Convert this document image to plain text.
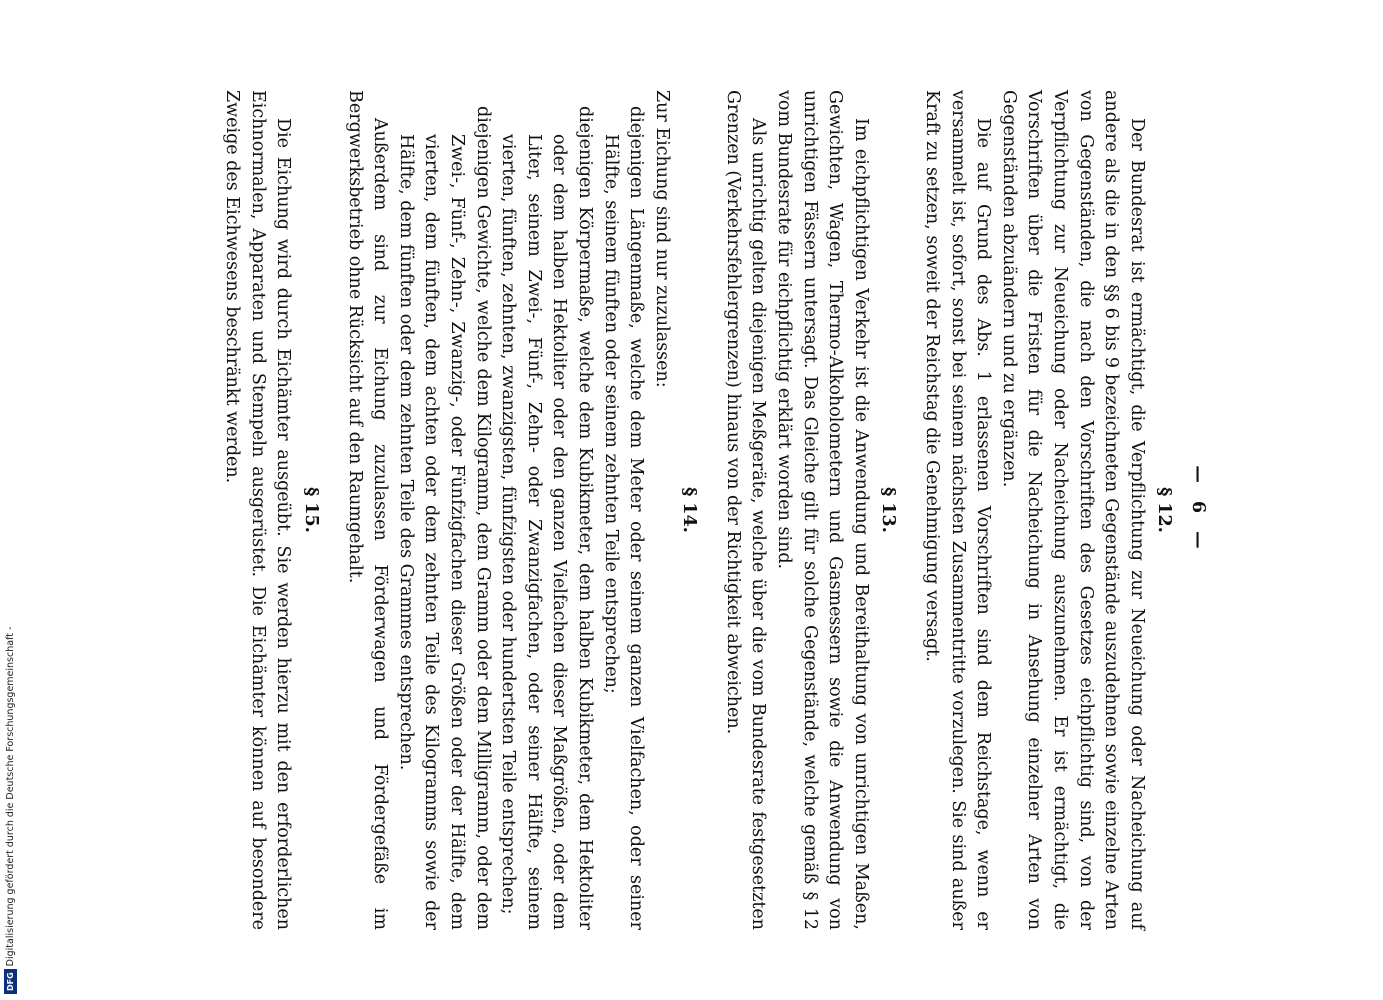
— 6 —
§ 12.

Der Bundesrat ist ermächtigt, die Verpflichtung zur Neueichung oder Nacheichung auf andere als die in den §§ 6 bis 9 bezeichneten Gegenstände auszudehnen sowie einzelne Arten von Gegenständen, die nach den Vorschriften des Gesetzes eichpflichtig sind, von der Verpflichtung zur Neueichung oder Nacheichung auszunehmen. Er ist ermächtigt, die Vorschriften über die Fristen für die Nacheichung in Ansehung einzelner Arten von Gegenständen abzuändern und zu ergänzen.

Die auf Grund des Abs. 1 erlassenen Vorschriften sind dem Reichstage, wenn er versammelt ist, sofort, sonst bei seinem nächsten Zusammentritte vorzulegen. Sie sind außer Kraft zu setzen, soweit der Reichstag die Genehmigung versagt.

§ 13.

Im eichpflichtigen Verkehr ist die Anwendung und Bereithaltung von unrichtigen Maßen, Gewichten, Wagen, Thermo-Alkoholometern und Gasmessern sowie die Anwendung von unrichtigen Fässern untersagt. Das Gleiche gilt für solche Gegenstände, welche gemäß § 12 vom Bundesrate für eichpflichtig erklärt worden sind.

Als unrichtig gelten diejenigen Meßgeräte, welche über die vom Bundesrate festgesetzten Grenzen (Verkehrsfehlergrenzen) hinaus von der Richtigkeit abweichen.

§ 14.

Zur Eichung sind nur zuzulassen:

diejenigen Längenmaße, welche dem Meter oder seinem ganzen Vielfachen, oder seiner Hälfte, seinem fünften oder seinem zehnten Teile entsprechen;

diejenigen Körpermaße, welche dem Kubikmeter, dem halben Kubikmeter, dem Hektoliter oder dem halben Hektoliter oder den ganzen Vielfachen dieser Maßgrößen, oder dem Liter, seinem Zwei-, Fünf-, Zehn- oder Zwanzigfachen, oder seiner Hälfte, seinem vierten, fünften, zehnten, zwanzigsten, fünfzigsten oder hundertsten Teile entsprechen;

diejenigen Gewichte, welche dem Kilogramm, dem Gramm oder dem Milligramm, oder dem Zwei-, Fünf-, Zehn-, Zwanzig-, oder Fünfzigfachen dieser Größen oder der Hälfte, dem vierten, dem fünften, dem achten oder dem zehnten Teile des Kilogramms sowie der Hälfte, dem fünften oder dem zehnten Teile des Grammes entsprechen.

Außerdem sind zur Eichung zuzulassen Förderwagen und Fördergefäße im Bergwerksbetrieb ohne Rücksicht auf den Raumgehalt.

§ 15.

Die Eichung wird durch Eichämter ausgeübt. Sie werden hierzu mit den erforderlichen Eichnormalen, Apparaten und Stempeln ausgerüstet. Die Eichämter können auf besondere Zweige des Eichwesens beschränkt werden.

DFG
Digitalisierung gefördert durch die Deutsche Forschungsgemeinschaft -
